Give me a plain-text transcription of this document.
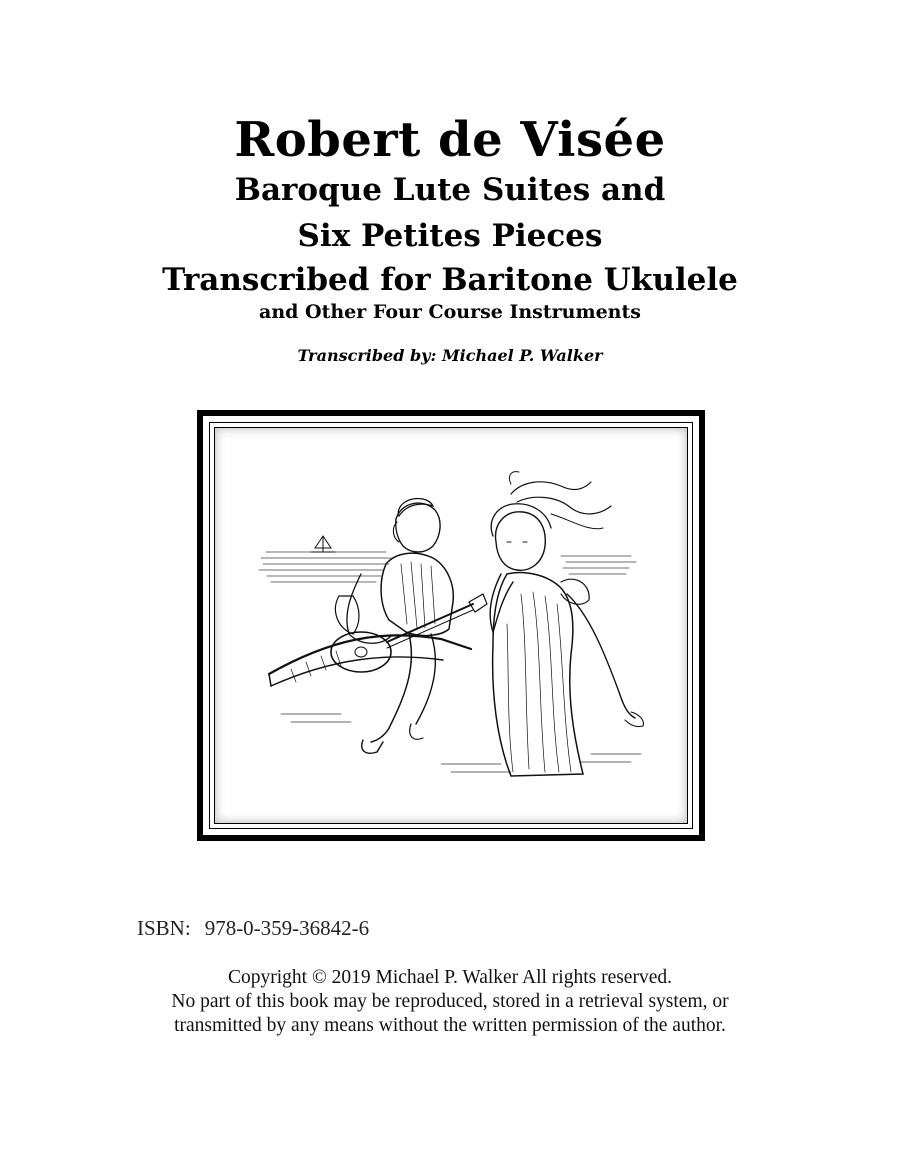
Robert de Visée
Baroque Lute Suites and
Six Petites Pieces
Transcribed for Baritone Ukulele
and Other Four Course Instruments
Transcribed by: Michael P. Walker
ISBN: 978-0-359-36842-6
Copyright © 2019 Michael P. Walker All rights reserved.
No part of this book may be reproduced, stored in a retrieval system, or
transmitted by any means without the written permission of the author.
